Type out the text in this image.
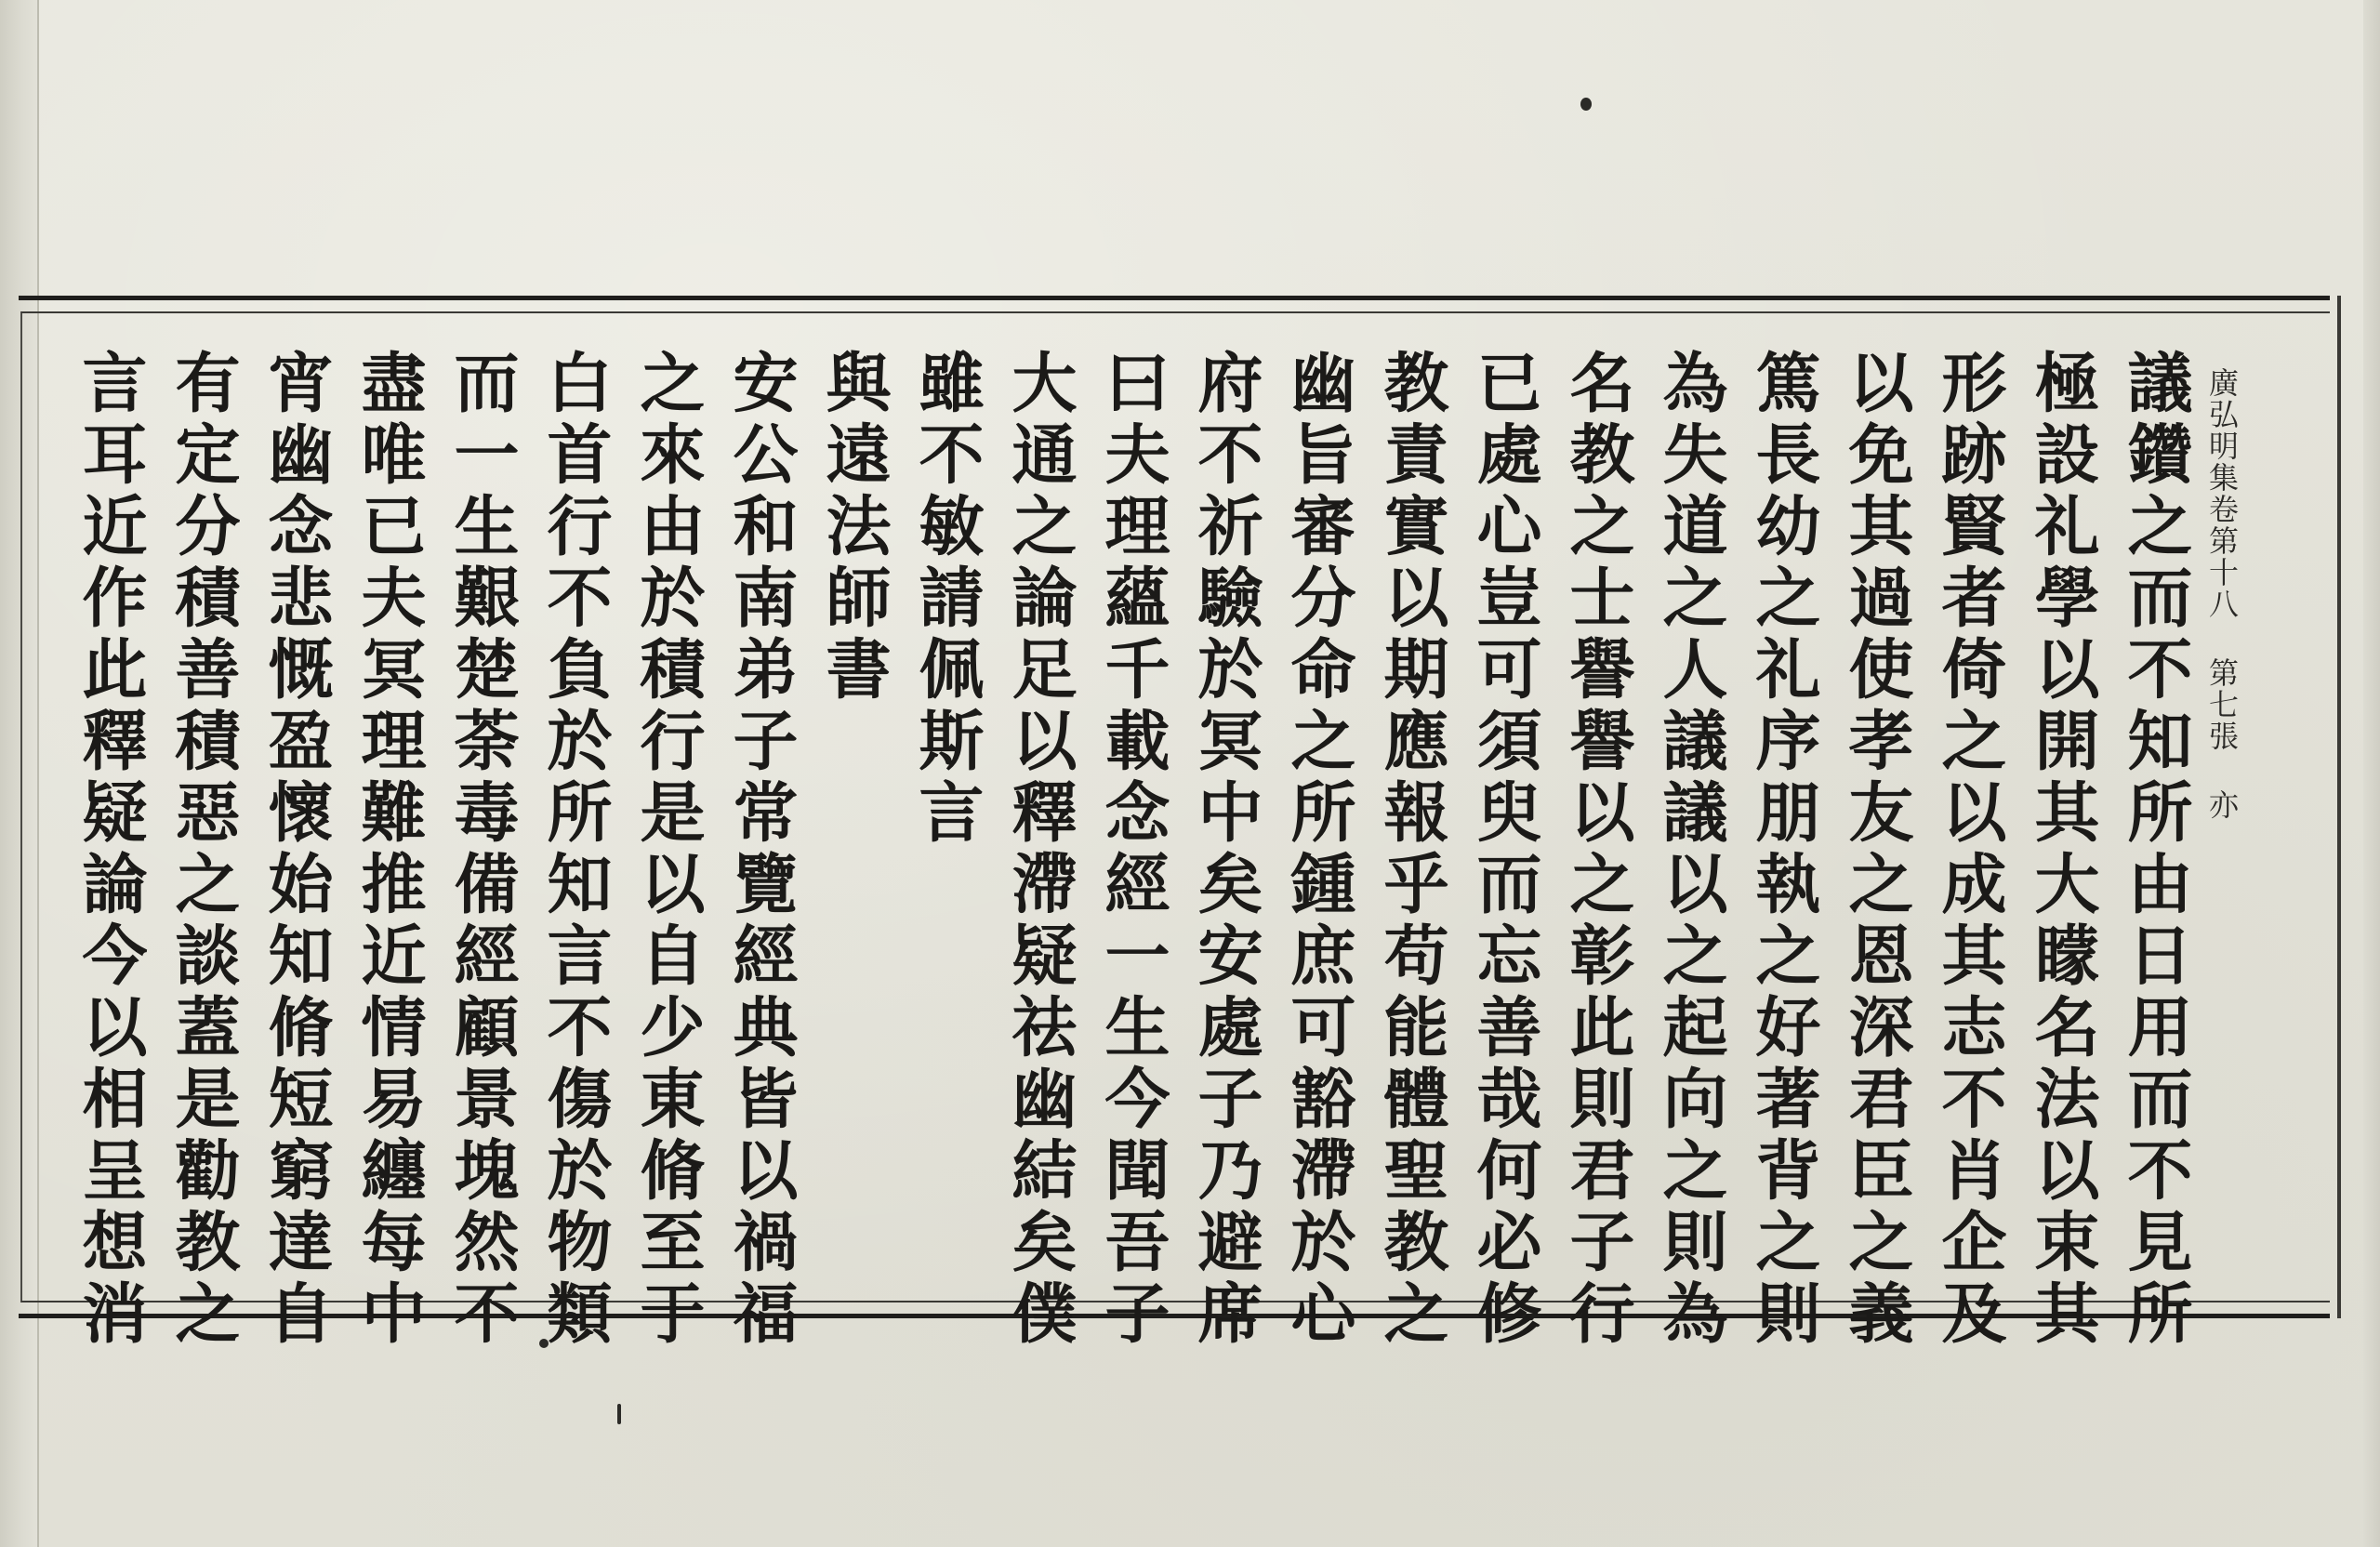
廣弘明集卷第十八 第七張 亦
議鑽之而不知所由日用而不見所
極設礼學以開其大矇名法以束其
形跡賢者倚之以成其志不肖企及
以免其過使孝友之恩深君臣之義
篤長幼之礼序朋執之好著背之則
為失道之人議議以之起向之則為
名教之士譽譽以之彰此則君子行
已處心豈可須臾而忘善哉何必修
教責實以期應報乎苟能體聖教之
幽旨審分命之所鍾庶可豁滯於心
府不祈驗於冥中矣安處子乃避席
曰夫理蘊千載念經一生今聞吾子
大通之論足以釋滯疑祛幽結矣僕
雖不敏請佩斯言
與遠法師書
安公和南弟子常覽經典皆以禍福
之來由於積行是以自少東脩至于
白首行不負於所知言不傷於物類
而一生艱楚荼毒備經顧景塊然不
盡唯已夫冥理難推近情易纏每中
宵幽念悲慨盈懷始知脩短窮達自
有定分積善積惡之談蓋是勸教之
言耳近作此釋疑論今以相呈想消
